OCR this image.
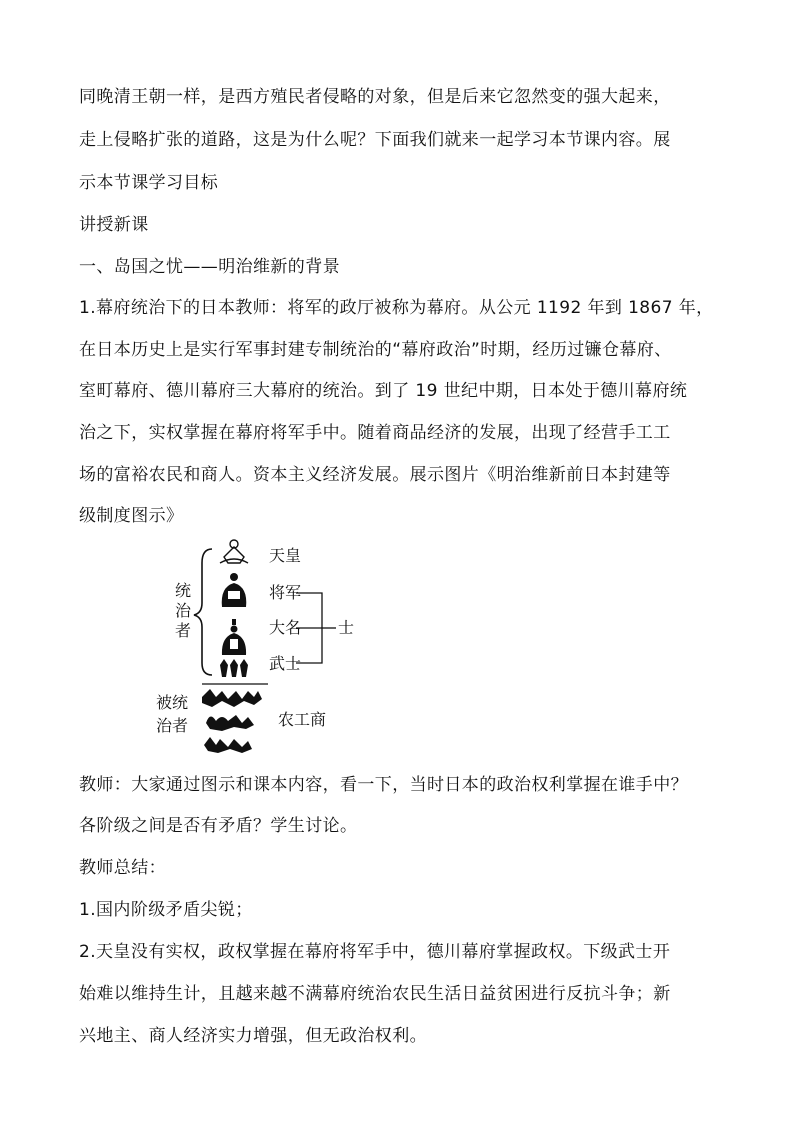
同晚清王朝一样，是西方殖民者侵略的对象，但是后来它忽然变的强大起来，
走上侵略扩张的道路，这是为什么呢？下面我们就来一起学习本节课内容。展
示本节课学习目标
讲授新课
一、岛国之忧——明治维新的背景
1.幕府统治下的日本教师：将军的政厅被称为幕府。从公元 1192 年到 1867 年，
在日本历史上是实行军事封建专制统治的“幕府政治”时期，经历过镰仓幕府、
室町幕府、德川幕府三大幕府的统治。到了 19 世纪中期，日本处于德川幕府统
治之下，实权掌握在幕府将军手中。随着商品经济的发展，出现了经营手工工
场的富裕农民和商人。资本主义经济发展。展示图片《明治维新前日本封建等
级制度图示》
统
治
者
天皇
将军
大名
武士
士
被统
治者	农工商
教师：大家通过图示和课本内容，看一下，当时日本的政治权利掌握在谁手中？
各阶级之间是否有矛盾？学生讨论。
教师总结：
1.国内阶级矛盾尖锐；
2.天皇没有实权，政权掌握在幕府将军手中，德川幕府掌握政权。下级武士开
始难以维持生计，且越来越不满幕府统治农民生活日益贫困进行反抗斗争；新
兴地主、商人经济实力增强，但无政治权利。
